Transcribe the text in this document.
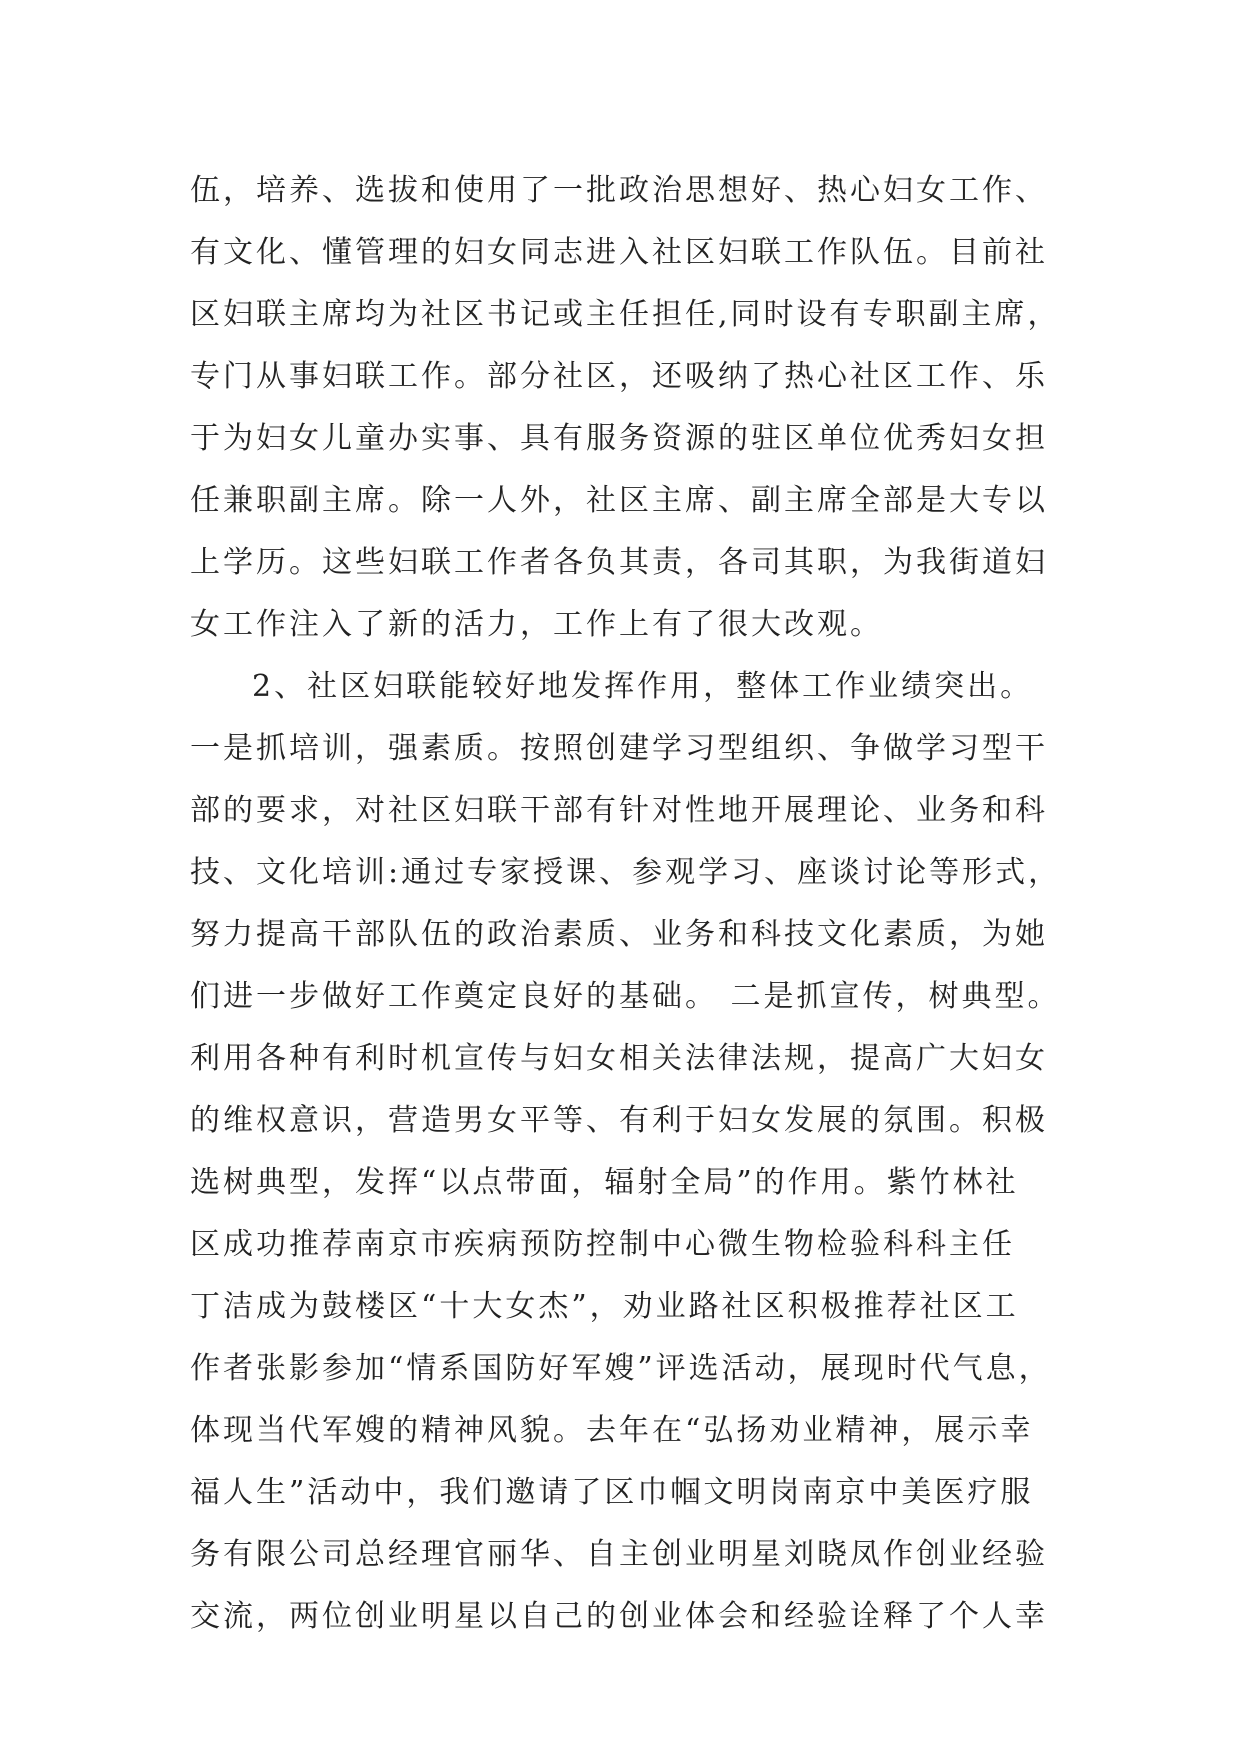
伍，培养、选拔和使用了一批政治思想好、热心妇女工作、
有文化、懂管理的妇女同志进入社区妇联工作队伍。目前社
区妇联主席均为社区书记或主任担任,同时设有专职副主席，
专门从事妇联工作。部分社区，还吸纳了热心社区工作、乐
于为妇女儿童办实事、具有服务资源的驻区单位优秀妇女担
任兼职副主席。除一人外，社区主席、副主席全部是大专以
上学历。这些妇联工作者各负其责，各司其职，为我街道妇
女工作注入了新的活力，工作上有了很大改观。
2、社区妇联能较好地发挥作用，整体工作业绩突出。
一是抓培训，强素质。按照创建学习型组织、争做学习型干
部的要求，对社区妇联干部有针对性地开展理论、业务和科
技、文化培训:通过专家授课、参观学习、座谈讨论等形式，
努力提高干部队伍的政治素质、业务和科技文化素质，为她
们进一步做好工作奠定良好的基础。 二是抓宣传，树典型。
利用各种有利时机宣传与妇女相关法律法规，提高广大妇女
的维权意识，营造男女平等、有利于妇女发展的氛围。积极
选树典型，发挥“以点带面，辐射全局”的作用。紫竹林社
区成功推荐南京市疾病预防控制中心微生物检验科科主任
丁洁成为鼓楼区“十大女杰”，劝业路社区积极推荐社区工
作者张影参加“情系国防好军嫂”评选活动，展现时代气息，
体现当代军嫂的精神风貌。去年在“弘扬劝业精神，展示幸
福人生”活动中，我们邀请了区巾帼文明岗南京中美医疗服
务有限公司总经理官丽华、自主创业明星刘晓凤作创业经验
交流，两位创业明星以自己的创业体会和经验诠释了个人幸
